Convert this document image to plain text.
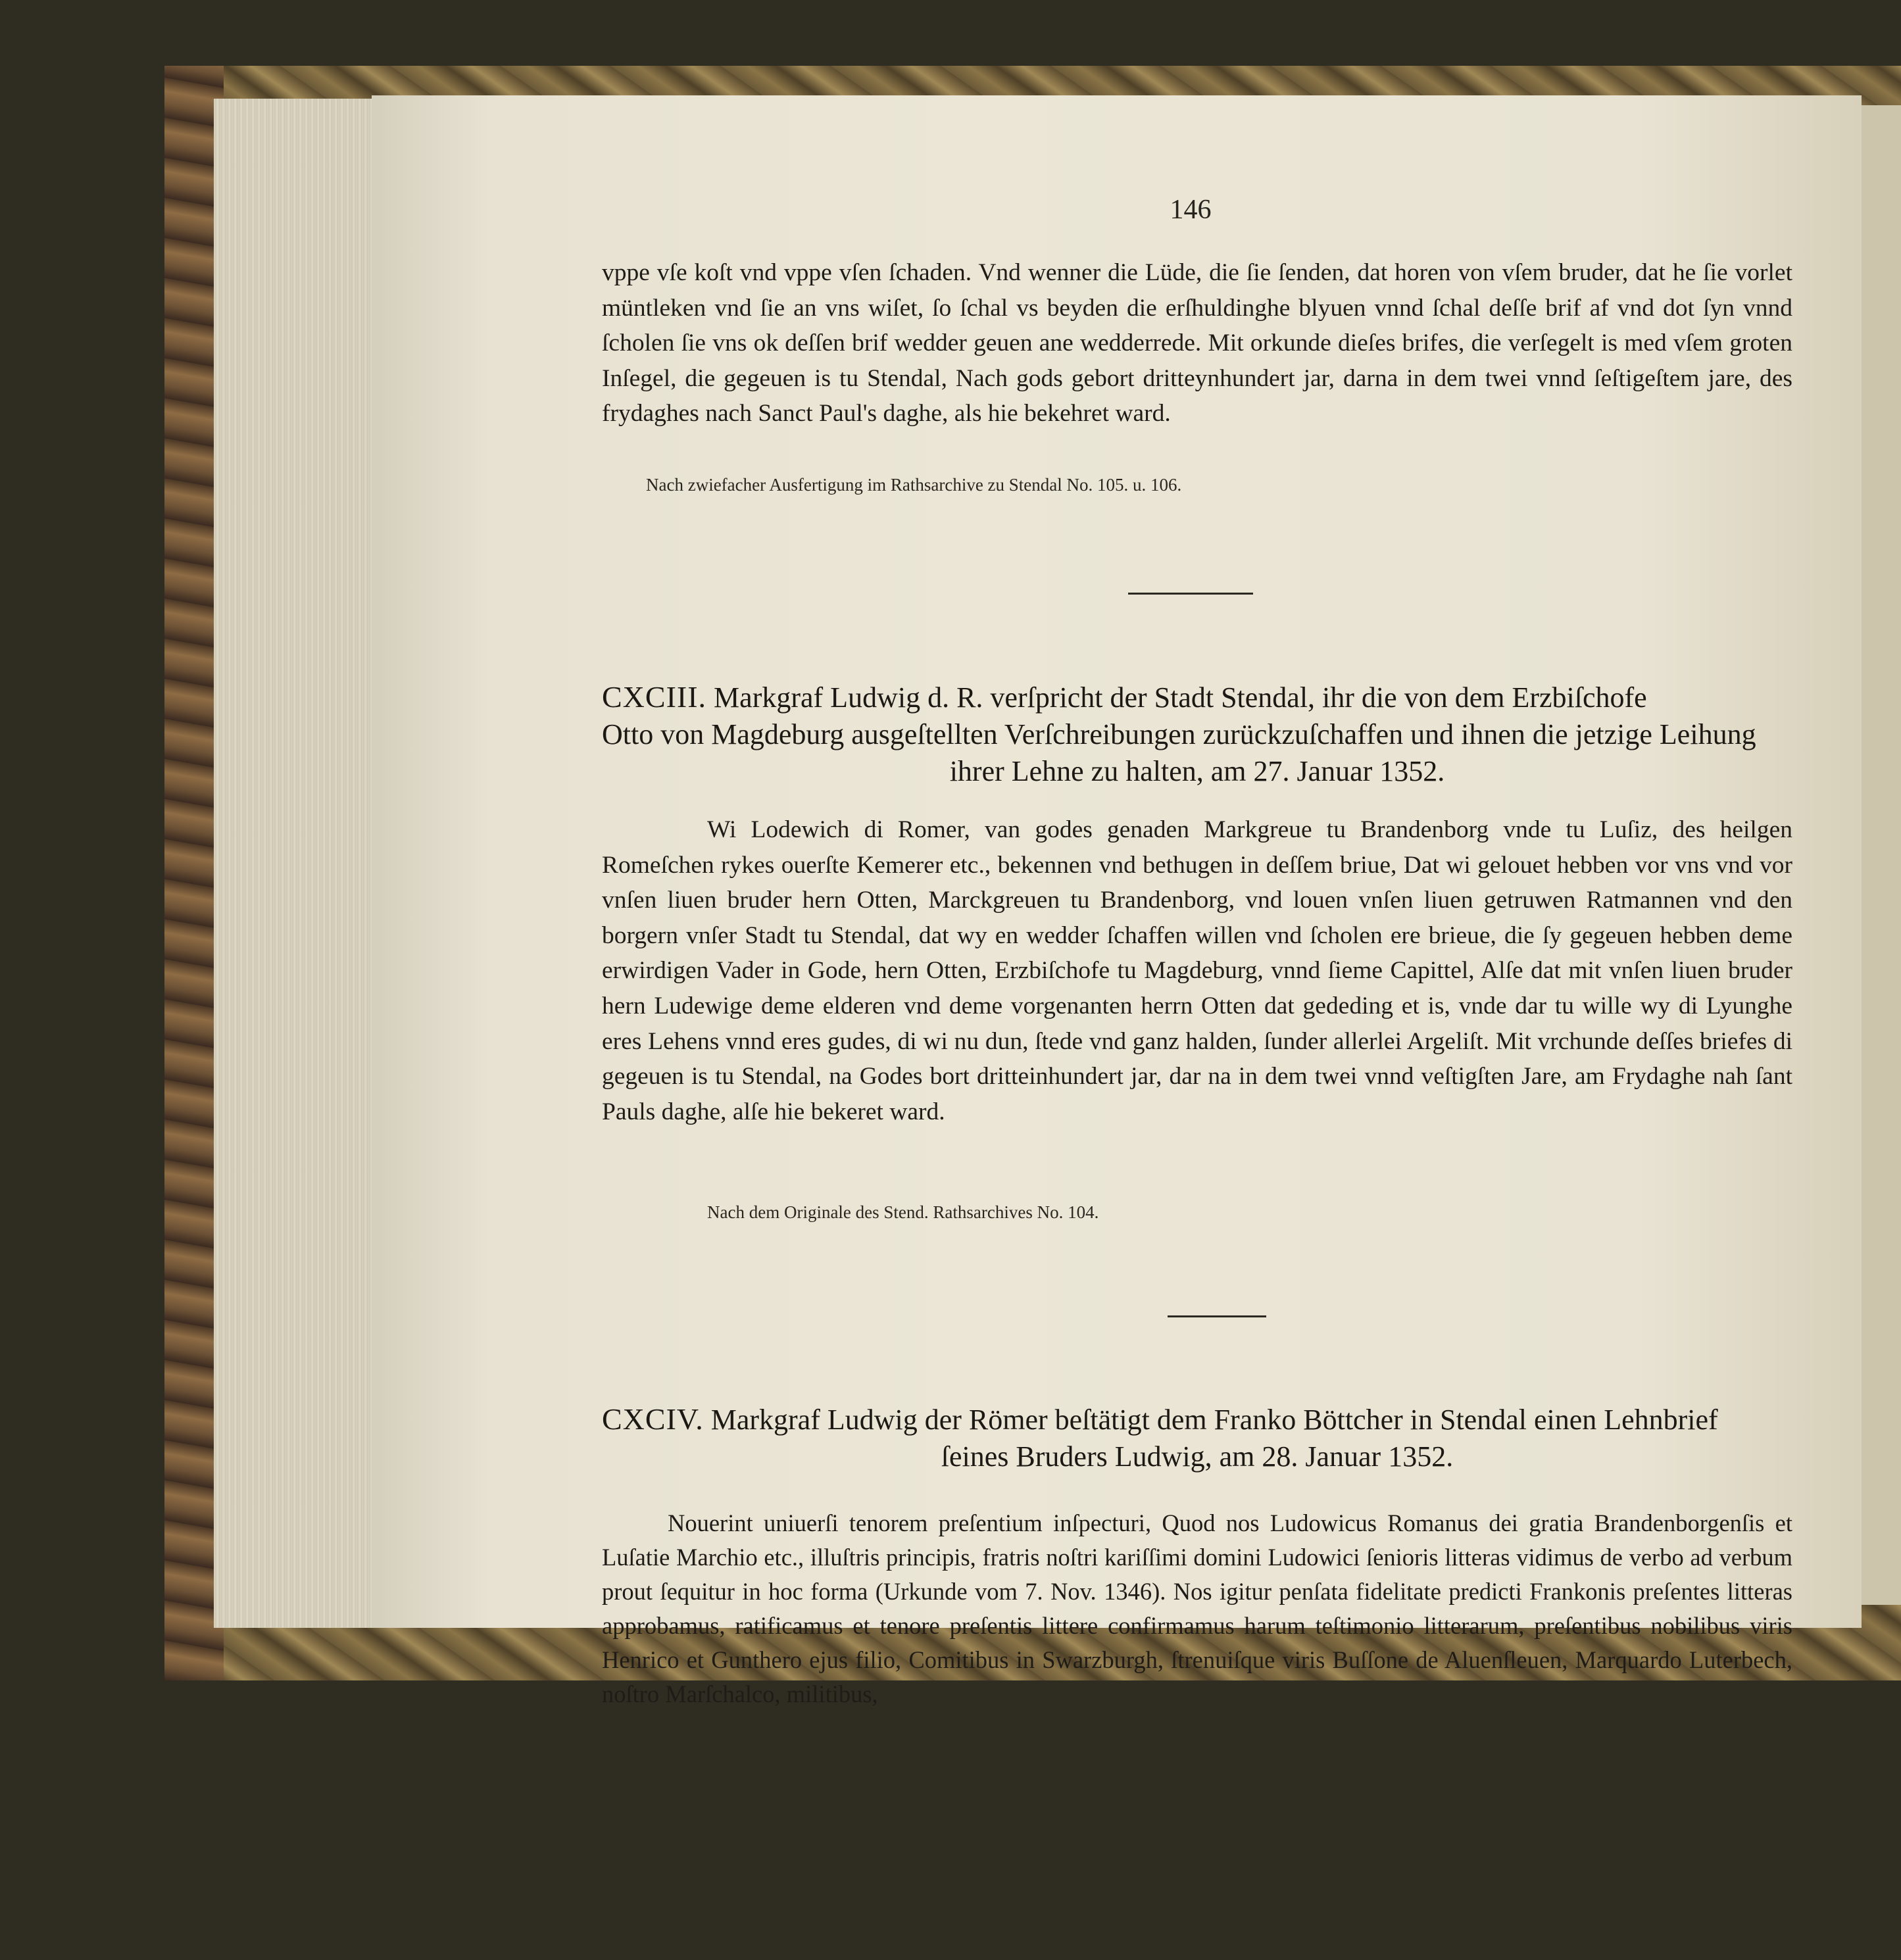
146

vppe vſe koſt vnd vppe vſen ſchaden. Vnd wenner die Lüde, die ſie ſenden, dat horen von vſem bruder, dat he ſie vorlet müntleken vnd ſie an vns wiſet, ſo ſchal vs beyden die erſhuldinghe blyuen vnnd ſchal deſſe brif af vnd dot ſyn vnnd ſcholen ſie vns ok deſſen brif wedder geuen ane wedderrede. Mit orkunde dieſes brifes, die verſegelt is med vſem groten Inſegel, die gegeuen is tu Stendal, Nach gods gebort dritteynhundert jar, darna in dem twei vnnd ſeſtigeſtem jare, des frydaghes nach Sanct Paul's daghe, als hie bekehret ward.

Nach zwiefacher Ausfertigung im Rathsarchive zu Stendal No. 105. u. 106.
CXCIII. Markgraf Ludwig d. R. verſpricht der Stadt Stendal, ihr die von dem Erzbiſchofe
Otto von Magdeburg ausgeſtellten Verſchreibungen zurückzuſchaffen und ihnen die jetzige Leihung
ihrer Lehne zu halten, am 27. Januar 1352.

Wi Lodewich di Romer, van godes genaden Markgreue tu Brandenborg vnde tu Luſiz, des heilgen Romeſchen rykes ouerſte Kemerer etc., bekennen vnd bethugen in deſſem briue, Dat wi gelouet hebben vor vns vnd vor vnſen liuen bruder hern Otten, Marckgreuen tu Brandenborg, vnd louen vnſen liuen getruwen Ratmannen vnd den borgern vnſer Stadt tu Stendal, dat wy en wedder ſchaffen willen vnd ſcholen ere brieue, die ſy gegeuen hebben deme erwirdigen Vader in Gode, hern Otten, Erzbiſchofe tu Magdeburg, vnnd ſieme Capittel, Alſe dat mit vnſen liuen bruder hern Ludewige deme elderen vnd deme vorgenanten herrn Otten dat gededing et is, vnde dar tu wille wy di Lyunghe eres Lehens vnnd eres gudes, di wi nu dun, ſtede vnd ganz halden, ſunder allerlei Argeliſt. Mit vrchunde deſſes briefes di gegeuen is tu Stendal, na Godes bort dritteinhundert jar, dar na in dem twei vnnd veſtigſten Jare, am Frydaghe nah ſant Pauls daghe, alſe hie bekeret ward.

Nach dem Originale des Stend. Rathsarchives No. 104.
CXCIV. Markgraf Ludwig der Römer beſtätigt dem Franko Böttcher in Stendal einen Lehnbrief
ſeines Bruders Ludwig, am 28. Januar 1352.

Nouerint uniuerſi tenorem preſentium inſpecturi, Quod nos Ludowicus Romanus dei gratia Brandenborgenſis et Luſatie Marchio etc., illuſtris principis, fratris noſtri kariſſimi domini Ludowici ſenioris litteras vidimus de verbo ad verbum prout ſequitur in hoc forma (Urkunde vom 7. Nov. 1346). Nos igitur penſata fidelitate predicti Frankonis preſentes litteras approbamus, ratificamus et tenore preſentis littere confirmamus harum teſtimonio litterarum, preſentibus nobilibus viris Henrico et Gunthero ejus filio, Comitibus in Swarzburgh, ſtrenuiſque viris Buſſone de Aluenſleuen, Marquardo Luterbech, noſtro Marſchalco, militibus,
